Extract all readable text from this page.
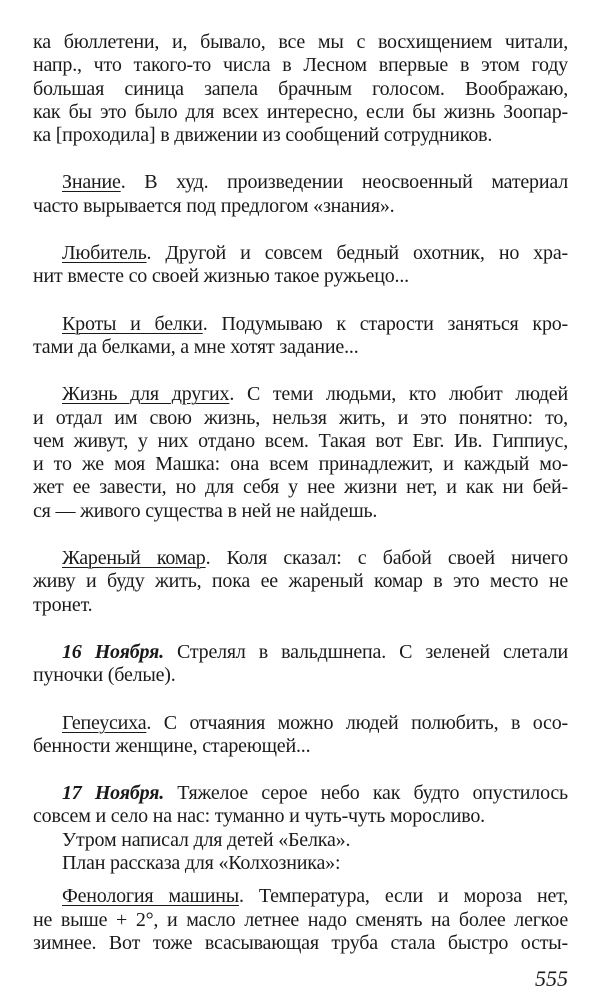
ка бюллетени, и, бывало, все мы с восхищением читали,
напр., что такого-то числа в Лесном впервые в этом году
большая синица запела брачным голосом. Воображаю,
как бы это было для всех интересно, если бы жизнь Зоопар-
ка [проходила] в движении из сообщений сотрудников.
Знание. В худ. произведении неосвоенный материал
часто вырывается под предлогом «знания».
Любитель. Другой и совсем бедный охотник, но хра-
нит вместе со своей жизнью такое ружьецо...
Кроты и белки. Подумываю к старости заняться кро-
тами да белками, а мне хотят задание...
Жизнь для других. С теми людьми, кто любит людей
и отдал им свою жизнь, нельзя жить, и это понятно: то,
чем живут, у них отдано всем. Такая вот Евг. Ив. Гиппиус,
и то же моя Машка: она всем принадлежит, и каждый мо-
жет ее завести, но для себя у нее жизни нет, и как ни бей-
ся — живого существа в ней не найдешь.
Жареный комар. Коля сказал: с бабой своей ничего
живу и буду жить, пока ее жареный комар в это место не
тронет.
16 Ноября. Стрелял в вальдшнепа. С зеленей слетали
пуночки (белые).
Гепеусиха. С отчаяния можно людей полюбить, в осо-
бенности женщине, стареющей...
17 Ноября. Тяжелое серое небо как будто опустилось
совсем и село на нас: туманно и чуть-чуть моросливо.
Утром написал для детей «Белка».
План рассказа для «Колхозника»:
Фенология машины. Температура, если и мороза нет,
не выше + 2°, и масло летнее надо сменять на более легкое
зимнее. Вот тоже всасывающая труба стала быстро осты-
555
